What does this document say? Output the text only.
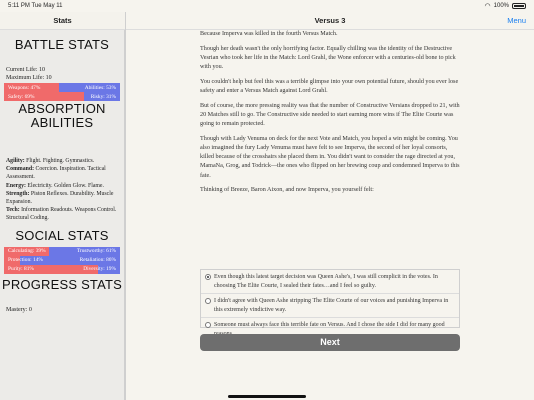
5:11 PM Tue May 11	◠ 100%
Stats	Versus 3	Menu
BATTLE STATS
Current Life: 10
Maximum Life: 10
Weapons: 47%	Abilities: 53%
Safety: 69%	Risky: 31%
ABSORPTION ABILITIES
Agility: Flight. Fighting. Gymnastics.
Command: Coercion. Inspiration. Tactical Assessment.
Energy: Electricity. Golden Glow. Flame.
Strength: Piston Reflexes. Durability. Muscle Expansion.
Tech: Information Readouts. Weapons Control. Structural Coding.
SOCIAL STATS
Calculating: 39%	Trustworthy: 61%
Protection: 14%	Retaliation: 86%
Purity: 81%	Diversity: 19%
PROGRESS STATS
Mastery: 0

Because Imperva was killed in the fourth Versus Match.

Though her death wasn't the only horrifying factor. Equally chilling was the identity of the Destructive Vesrian who took her life in the Match: Lord Grahl, the Wone enforcer with a centuries-old bone to pick with you.

You couldn't help but feel this was a terrible glimpse into your own potential future, should you ever lose safety and enter a Versus Match against Lord Grahl.

But of course, the more pressing reality was that the number of Constructive Versians dropped to 21, with 20 Matches still to go. The Constructive side needed to start earning more wins if The Elite Courte was going to remain protected.

Though with Lady Venuma on deck for the next Vote and Match, you hoped a win might be coming. You also imagined the fury Lady Venuma must have felt to see Imperva, the second of her loyal consorts, killed because of the crosshairs she placed them in. You didn't want to consider the rage directed at you, MamaNa, Grog, and Todrick—the ones who flipped on her brewing coup and condemned Imperva to this fate.

Thinking of Breeze, Baron Aixon, and now Imperva, you yourself felt:

Even though this latest target decision was Queen Ashe's, I was still complicit in the votes. In choosing The Elite Courte, I sealed their fates…and I feel so guilty.
I didn't agree with Queen Ashe stripping The Elite Courte of our voices and punishing Imperva in this extremely vindictive way.
Someone must always face this terrible fate on Versus. And I chose the side I did for many good
Next
